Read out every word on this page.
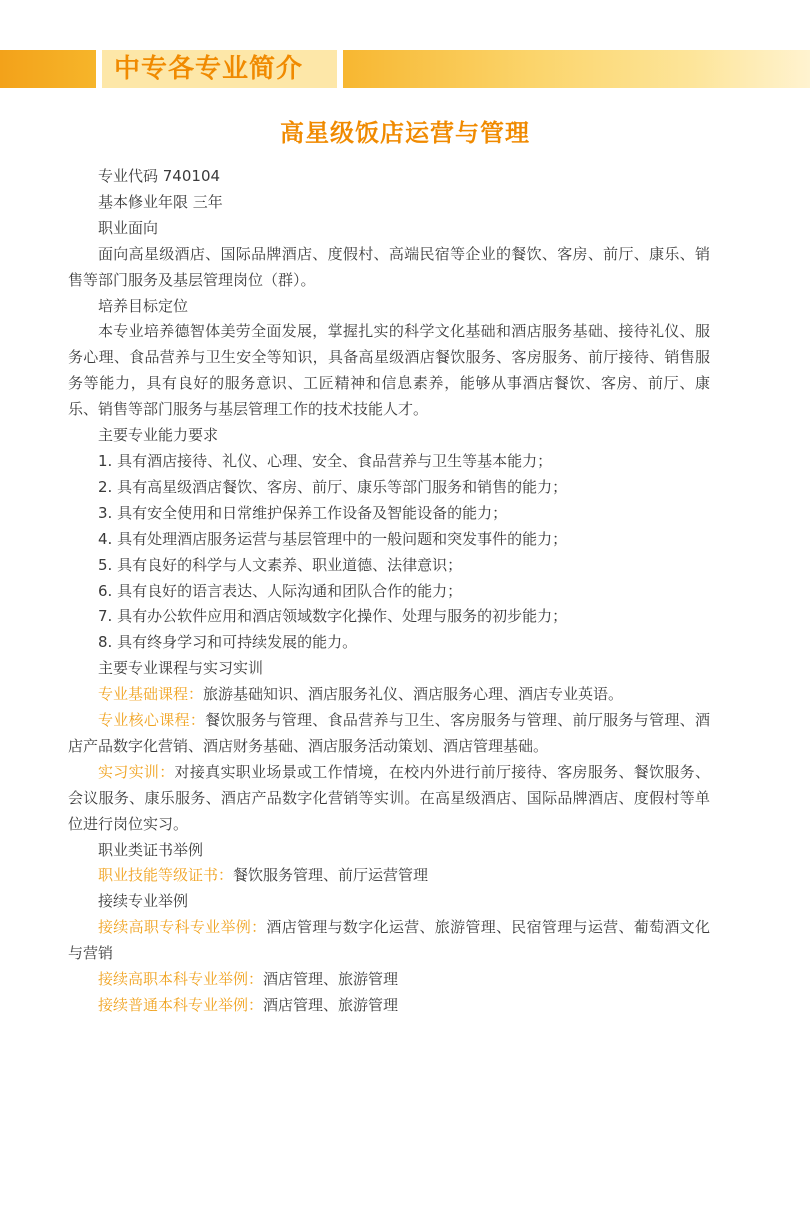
中专各专业简介
高星级饭店运营与管理

专业代码 740104

基本修业年限 三年

职业面向

面向高星级酒店、国际品牌酒店、度假村、高端民宿等企业的餐饮、客房、前厅、康乐、销售等部门服务及基层管理岗位（群）。

培养目标定位

本专业培养德智体美劳全面发展，掌握扎实的科学文化基础和酒店服务基础、接待礼仪、服务心理、食品营养与卫生安全等知识，具备高星级酒店餐饮服务、客房服务、前厅接待、销售服务等能力，具有良好的服务意识、工匠精神和信息素养，能够从事酒店餐饮、客房、前厅、康乐、销售等部门服务与基层管理工作的技术技能人才。

主要专业能力要求

1. 具有酒店接待、礼仪、心理、安全、食品营养与卫生等基本能力；

2. 具有高星级酒店餐饮、客房、前厅、康乐等部门服务和销售的能力；

3. 具有安全使用和日常维护保养工作设备及智能设备的能力；

4. 具有处理酒店服务运营与基层管理中的一般问题和突发事件的能力；

5. 具有良好的科学与人文素养、职业道德、法律意识；

6. 具有良好的语言表达、人际沟通和团队合作的能力；

7. 具有办公软件应用和酒店领域数字化操作、处理与服务的初步能力；

8. 具有终身学习和可持续发展的能力。

主要专业课程与实习实训

专业基础课程：旅游基础知识、酒店服务礼仪、酒店服务心理、酒店专业英语。

专业核心课程：餐饮服务与管理、食品营养与卫生、客房服务与管理、前厅服务与管理、酒店产品数字化营销、酒店财务基础、酒店服务活动策划、酒店管理基础。

实习实训：对接真实职业场景或工作情境，在校内外进行前厅接待、客房服务、餐饮服务、会议服务、康乐服务、酒店产品数字化营销等实训。在高星级酒店、国际品牌酒店、度假村等单位进行岗位实习。

职业类证书举例

职业技能等级证书：餐饮服务管理、前厅运营管理

接续专业举例

接续高职专科专业举例：酒店管理与数字化运营、旅游管理、民宿管理与运营、葡萄酒文化与营销

接续高职本科专业举例：酒店管理、旅游管理

接续普通本科专业举例：酒店管理、旅游管理
